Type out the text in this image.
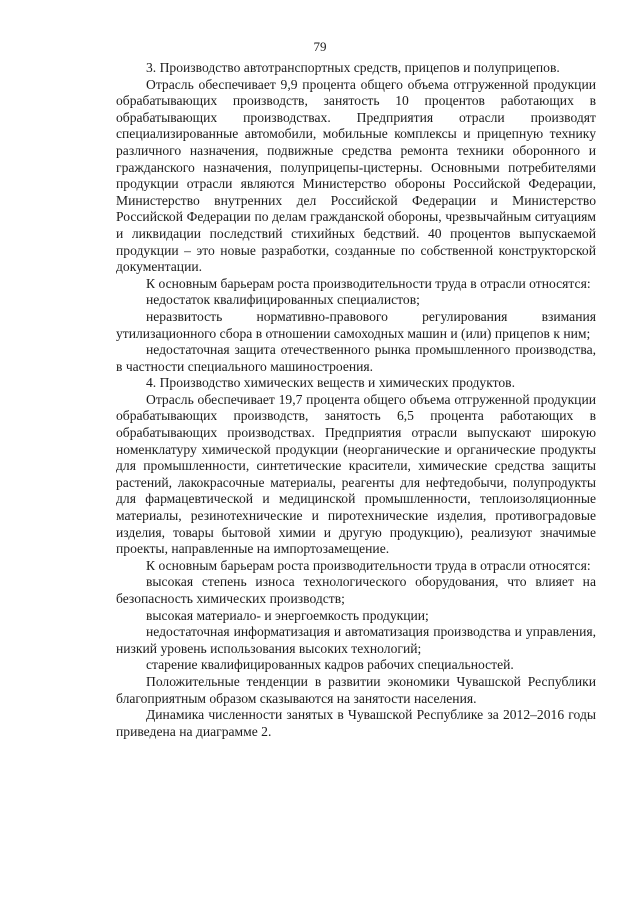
79

3. Производство автотранспортных средств, прицепов и полуприцепов.

Отрасль обеспечивает 9,9 процента общего объема отгруженной продукции обрабатывающих производств, занятость 10 процентов работающих в обрабатывающих производствах. Предприятия отрасли производят специализированные автомобили, мобильные комплексы и прицепную технику различного назначения, подвижные средства ремонта техники оборонного и гражданского назначения, полуприцепы-цистерны. Основными потребителями продукции отрасли являются Министерство обороны Российской Федерации, Министерство внутренних дел Российской Федерации и Министерство Российской Федерации по делам гражданской обороны, чрезвычайным ситуациям и ликвидации последствий стихийных бедствий. 40 процентов выпускаемой продукции – это новые разработки, созданные по собственной конструкторской документации.

К основным барьерам роста производительности труда в отрасли относятся:

недостаток квалифицированных специалистов;

неразвитость нормативно-правового регулирования взимания утилизационного сбора в отношении самоходных машин и (или) прицепов к ним;

недостаточная защита отечественного рынка промышленного производства, в частности специального машиностроения.

4. Производство химических веществ и химических продуктов.

Отрасль обеспечивает 19,7 процента общего объема отгруженной продукции обрабатывающих производств, занятость 6,5 процента работающих в обрабатывающих производствах. Предприятия отрасли выпускают широкую номенклатуру химической продукции (неорганические и органические продукты для промышленности, синтетические красители, химические средства защиты растений, лакокрасочные материалы, реагенты для нефтедобычи, полупродукты для фармацевтической и медицинской промышленности, теплоизоляционные материалы, резинотехнические и пиротехнические изделия, противоградовые изделия, товары бытовой химии и другую продукцию), реализуют значимые проекты, направленные на импортозамещение.

К основным барьерам роста производительности труда в отрасли относятся:

высокая степень износа технологического оборудования, что влияет на безопасность химических производств;

высокая материало- и энергоемкость продукции;

недостаточная информатизация и автоматизация производства и управления, низкий уровень использования высоких технологий;

старение квалифицированных кадров рабочих специальностей.

Положительные тенденции в развитии экономики Чувашской Республики благоприятным образом сказываются на занятости населения.

Динамика численности занятых в Чувашской Республике за 2012–2016 годы приведена на диаграмме 2.
